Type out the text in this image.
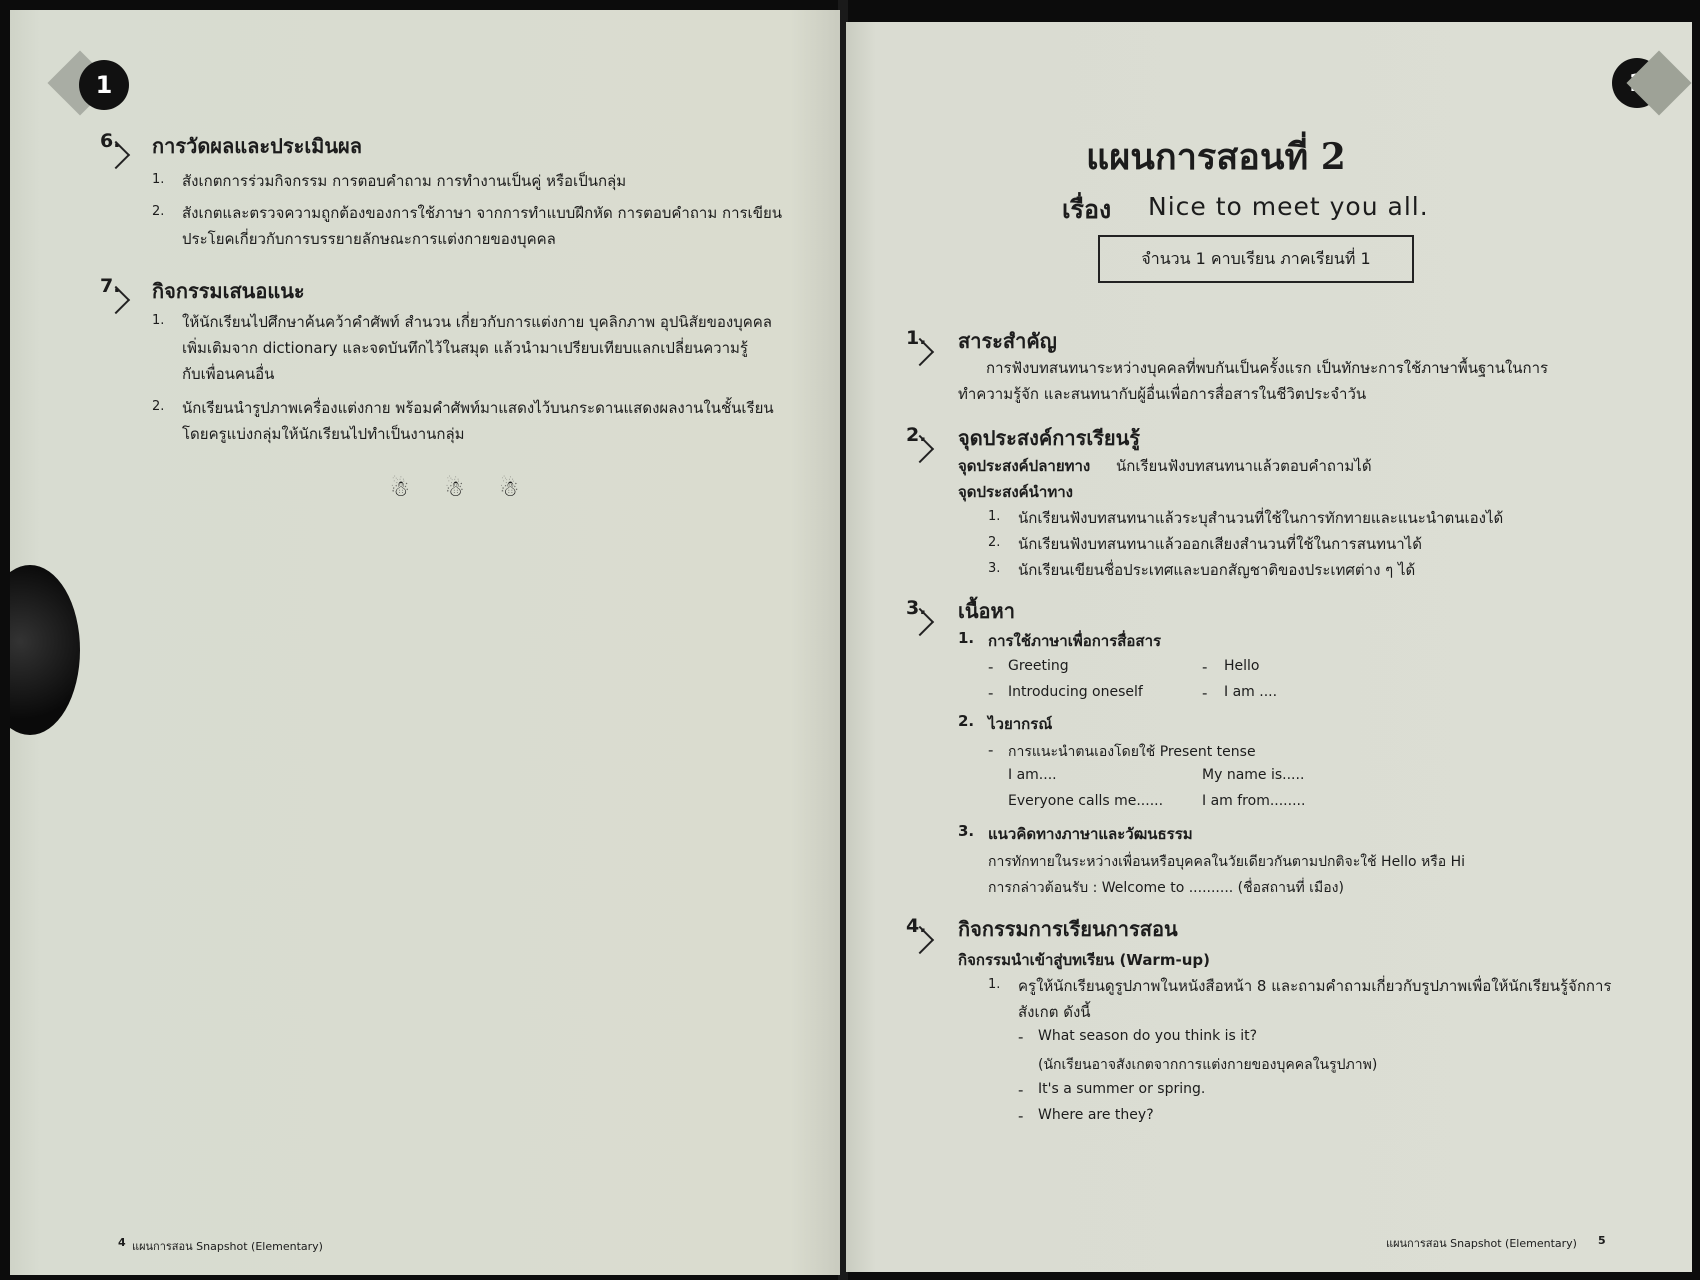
1
6. การวัดผลและประเมินผล
1. สังเกตการร่วมกิจกรรม การตอบคำถาม การทำงานเป็นคู่ หรือเป็นกลุ่ม
2. สังเกตและตรวจความถูกต้องของการใช้ภาษา จากการทำแบบฝึกหัด การตอบคำถาม การเขียน
ประโยคเกี่ยวกับการบรรยายลักษณะการแต่งกายของบุคคล
7. กิจกรรมเสนอแนะ
1. ให้นักเรียนไปศึกษาค้นคว้าคำศัพท์ สำนวน เกี่ยวกับการแต่งกาย บุคลิกภาพ อุปนิสัยของบุคคล
เพิ่มเติมจาก dictionary และจดบันทึกไว้ในสมุด แล้วนำมาเปรียบเทียบแลกเปลี่ยนความรู้
กับเพื่อนคนอื่น
2. นักเรียนนำรูปภาพเครื่องแต่งกาย พร้อมคำศัพท์มาแสดงไว้บนกระดานแสดงผลงานในชั้นเรียน
โดยครูแบ่งกลุ่มให้นักเรียนไปทำเป็นงานกลุ่ม
☃ ☃ ☃
4 แผนการสอน Snapshot (Elementary)
แผนการสอนที่ 2
เรื่อง Nice to meet you all.
จำนวน 1 คาบเรียน ภาคเรียนที่ 1
1. สาระสำคัญ
การฟังบทสนทนาระหว่างบุคคลที่พบกันเป็นครั้งแรก เป็นทักษะการใช้ภาษาพื้นฐานในการ
ทำความรู้จัก และสนทนากับผู้อื่นเพื่อการสื่อสารในชีวิตประจำวัน
2. จุดประสงค์การเรียนรู้
จุดประสงค์ปลายทาง นักเรียนฟังบทสนทนาแล้วตอบคำถามได้
จุดประสงค์นำทาง
1. นักเรียนฟังบทสนทนาแล้วระบุสำนวนที่ใช้ในการทักทายและแนะนำตนเองได้
2. นักเรียนฟังบทสนทนาแล้วออกเสียงสำนวนที่ใช้ในการสนทนาได้
3. นักเรียนเขียนชื่อประเทศและบอกสัญชาติของประเทศต่าง ๆ ได้
3. เนื้อหา
1. การใช้ภาษาเพื่อการสื่อสาร
- Greeting	- Hello
- Introducing oneself	- I am ....
2. ไวยากรณ์
- การแนะนำตนเองโดยใช้ Present tense
I am....	My name is.....
Everyone calls me......	I am from........
3. แนวคิดทางภาษาและวัฒนธรรม
การทักทายในระหว่างเพื่อนหรือบุคคลในวัยเดียวกันตามปกติจะใช้ Hello หรือ Hi
การกล่าวต้อนรับ : Welcome to .......... (ชื่อสถานที่ เมือง)
4. กิจกรรมการเรียนการสอน
กิจกรรมนำเข้าสู่บทเรียน (Warm-up)
1. ครูให้นักเรียนดูรูปภาพในหนังสือหน้า 8 และถามคำถามเกี่ยวกับรูปภาพเพื่อให้นักเรียนรู้จักการ
สังเกต ดังนี้
- What season do you think is it?
(นักเรียนอาจสังเกตจากการแต่งกายของบุคคลในรูปภาพ)
- It's a summer or spring.
- Where are they?
แผนการสอน Snapshot (Elementary) 5
